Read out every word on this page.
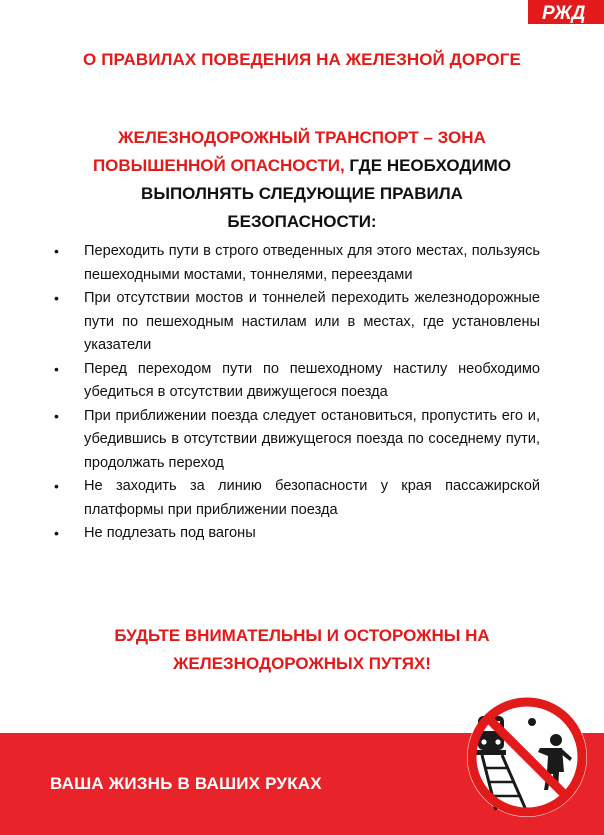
РЖД
О ПРАВИЛАХ ПОВЕДЕНИЯ НА ЖЕЛЕЗНОЙ ДОРОГЕ
ЖЕЛЕЗНОДОРОЖНЫЙ ТРАНСПОРТ – ЗОНА
ПОВЫШЕННОЙ ОПАСНОСТИ, ГДЕ НЕОБХОДИМО
ВЫПОЛНЯТЬ СЛЕДУЮЩИЕ ПРАВИЛА
БЕЗОПАСНОСТИ:
• Переходить пути в строго отведенных для этого местах, пользуясь пешеходными мостами, тоннелями, переездами
• При отсутствии мостов и тоннелей переходить железнодорожные пути по пешеходным настилам или в местах, где установлены указатели
• Перед переходом пути по пешеходному настилу необходимо убедиться в отсутствии движущегося поезда
• При приближении поезда следует остановиться, пропустить его и, убедившись в отсутствии движущегося поезда по соседнему пути, продолжать переход
• Не заходить за линию безопасности у края пассажирской платформы при приближении поезда
• Не подлезать под вагоны
БУДЬТЕ ВНИМАТЕЛЬНЫ И ОСТОРОЖНЫ НА
ЖЕЛЕЗНОДОРОЖНЫХ ПУТЯХ!
ВАША ЖИЗНЬ В ВАШИХ РУКАХ
